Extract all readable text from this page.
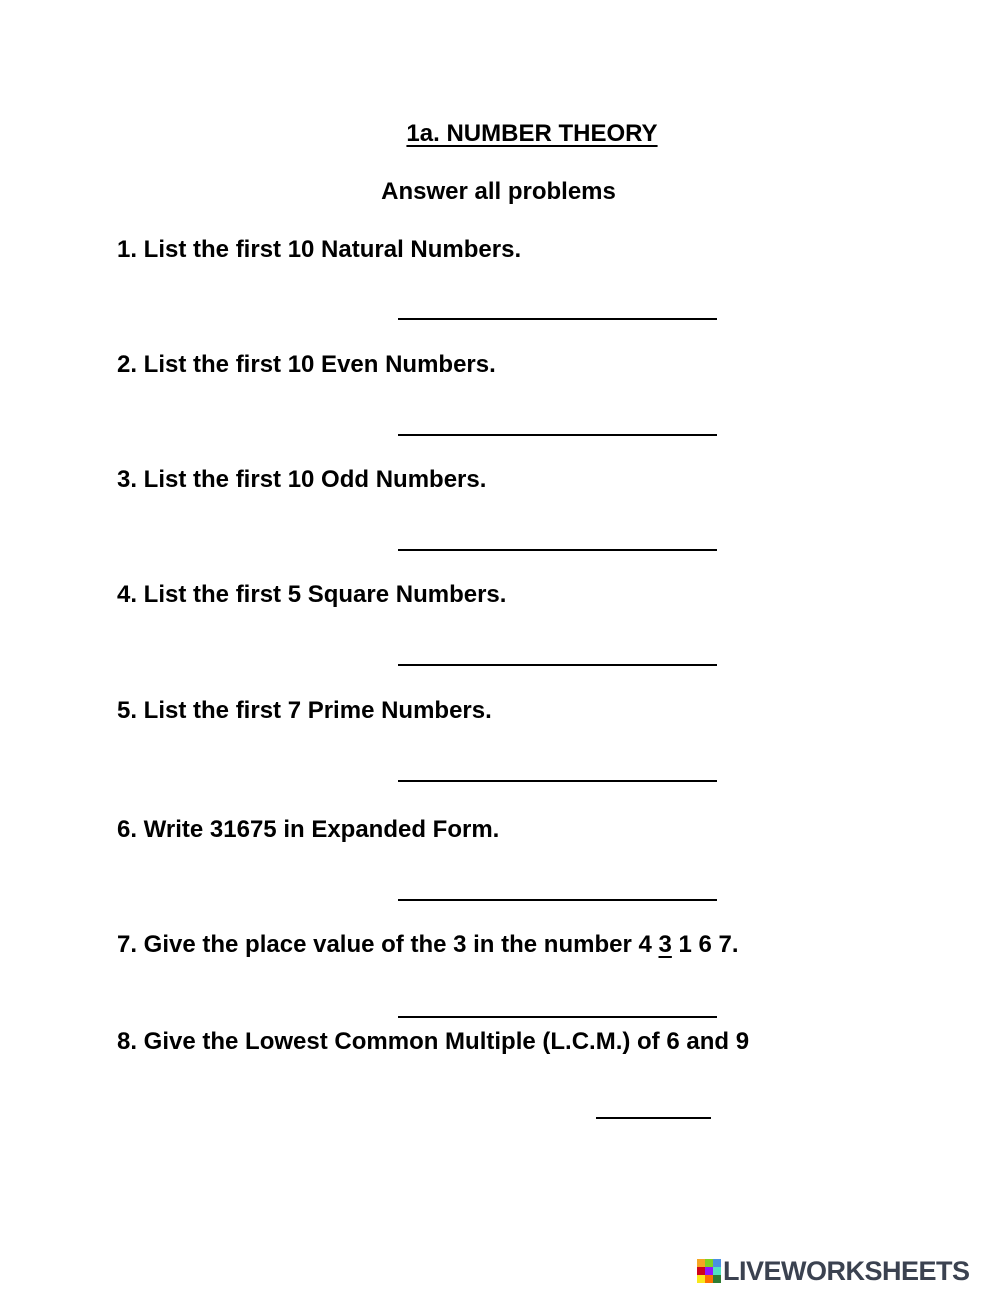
1a. NUMBER THEORY
Answer all problems
1. List the first 10 Natural Numbers.
2. List the first 10 Even Numbers.
3. List the first 10 Odd Numbers.
4. List the first 5 Square Numbers.
5. List the first 7 Prime Numbers.
6. Write 31675 in Expanded Form.
7. Give the place value of the 3 in the number 4 3 1 6 7.
8. Give the Lowest Common Multiple (L.C.M.) of 6 and 9
LIVEWORKSHEETS
